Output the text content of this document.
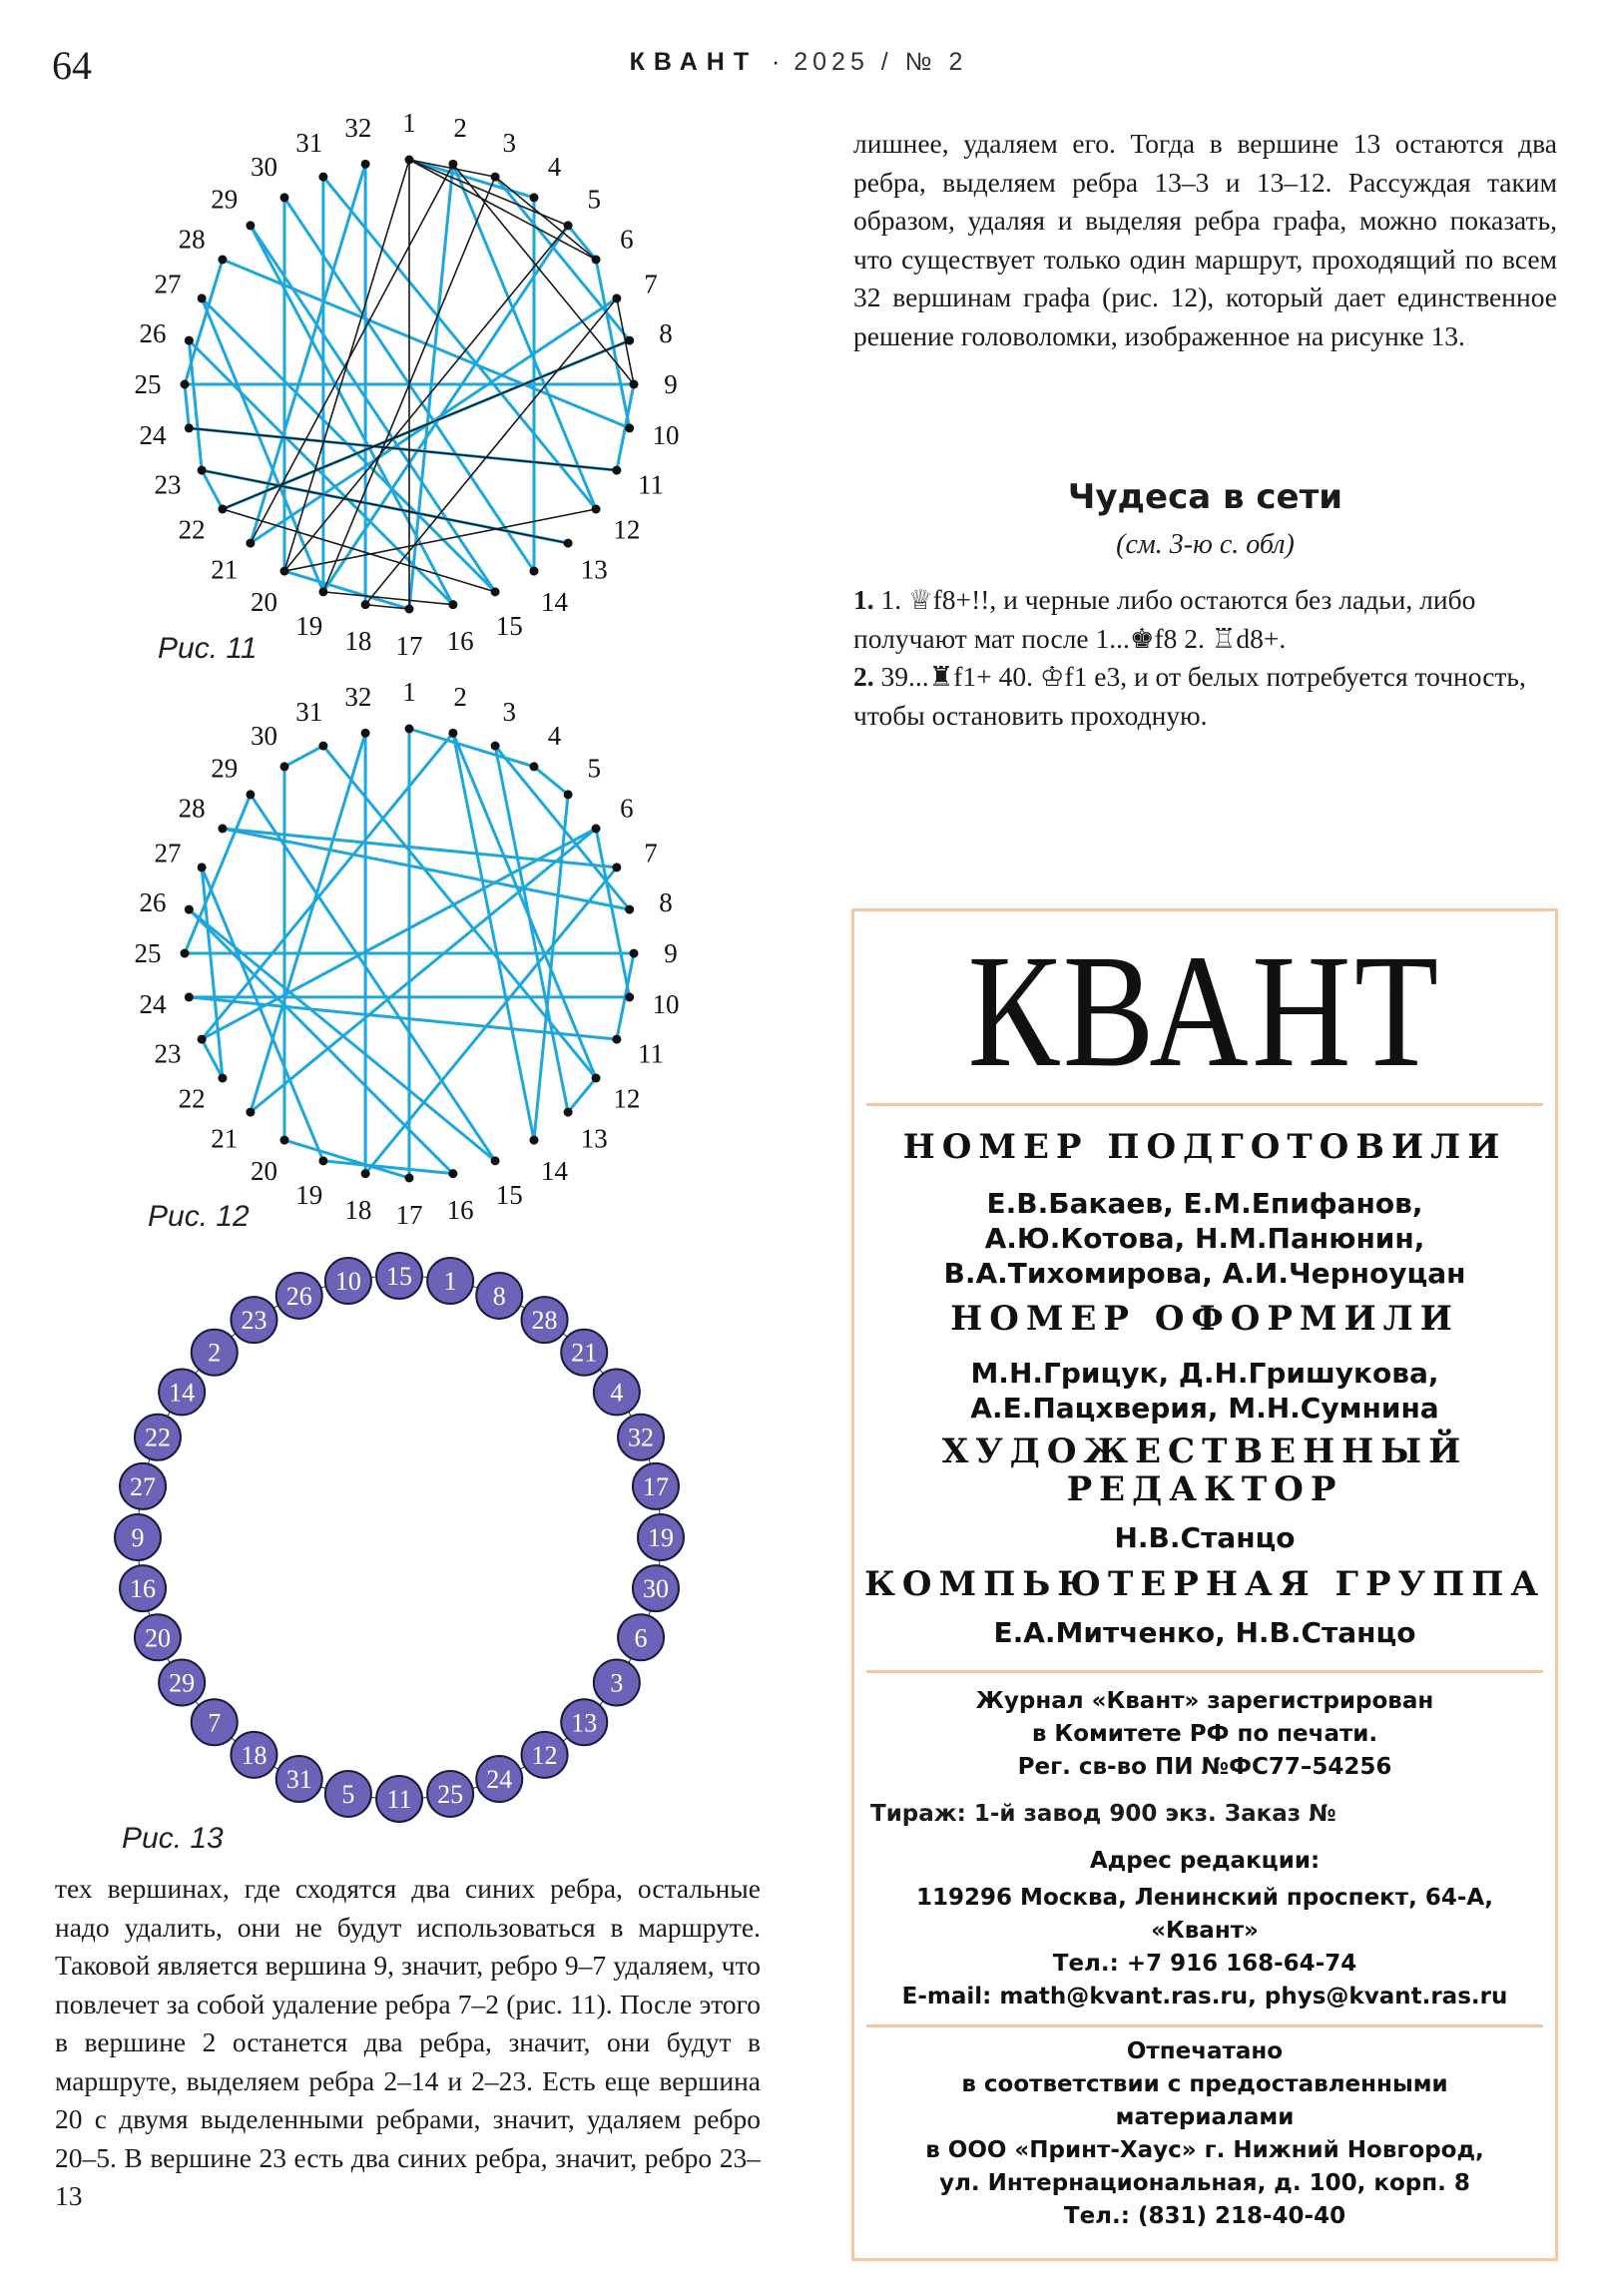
64	КВАНТ · 2025 / № 2
1 2 3
4
5
6
7
8
9
10
11
12
13
14
15
16
17
18
19
20
21
22
23
24
25
26
27
28
29
30
31 32
Рис. 11
1 2 3
4
5
6
7
8
9
10
11
12
13
14
15
16
17
18
19
20
21
22
23
24
25
26
27
28
29
30
31 32
Рис. 12
15 1
8
28
21
4
32
17
19
30
6
3
13
12
24
25
11
5
31
18
7
29
20
16
9
27
22
14
2
23
26
10
Рис. 13

тех вершинах, где сходятся два синих ребра, остальные надо удалить, они не будут использоваться в маршруте. Таковой является вершина 9, значит, ребро 9–7 удаляем, что повлечет за собой удаление ребра 7–2 (рис. 11). После этого в вершине 2 останется два ребра, значит, они будут в маршруте, выделяем ребра 2–14 и 2–23. Есть еще вершина 20 с двумя выделенными ребрами, значит, удаляем ребро 20–5. В вершине 23 есть два синих ребра, значит, ребро 23–13

лишнее, удаляем его. Тогда в вершине 13 остаются два ребра, выделяем ребра 13–3 и 13–12. Рассуждая таким образом, удаляя и выделяя ребра графа, можно показать, что существует только один маршрут, проходящий по всем 32 вершинам графа (рис. 12), который дает единственное решение головоломки, изображенное на рисунке 13.

Чудеса в сети
(см. 3-ю с. обл)

1. 1. ♕f8+!!, и черные либо остаются без ладьи, либо получают мат после 1...♚f8 2. ♖d8+.

2. 39...♜f1+ 40. ♔f1 e3, и от белых потребуется точность, чтобы остановить проходную.

КВАНТ
НОМЕР ПОДГОТОВИЛИ
Е.В.Бакаев, Е.М.Епифанов,
А.Ю.Котова, Н.М.Панюнин,
В.А.Тихомирова, А.И.Черноуцан
НОМЕР ОФОРМИЛИ
М.Н.Грицук, Д.Н.Гришукова,
А.Е.Пацхверия, М.Н.Сумнина
ХУДОЖЕСТВЕННЫЙ
РЕДАКТОР
Н.В.Станцо
КОМПЬЮТЕРНАЯ ГРУППА
Е.А.Митченко, Н.В.Станцо
Журнал «Квант» зарегистрирован
в Комитете РФ по печати.
Рег. св-во ПИ №ФС77–54256
Тираж: 1-й завод 900 экз. Заказ №
Адрес редакции:
119296 Москва, Ленинский проспект, 64-А,
«Квант»
Тел.: +7 916 168-64-74
E-mail: math@kvant.ras.ru, phys@kvant.ras.ru
Отпечатано
в соответствии с предоставленными
материалами
в ООО «Принт-Хаус» г. Нижний Новгород,
ул. Интернациональная, д. 100, корп. 8
Тел.: (831) 218-40-40
